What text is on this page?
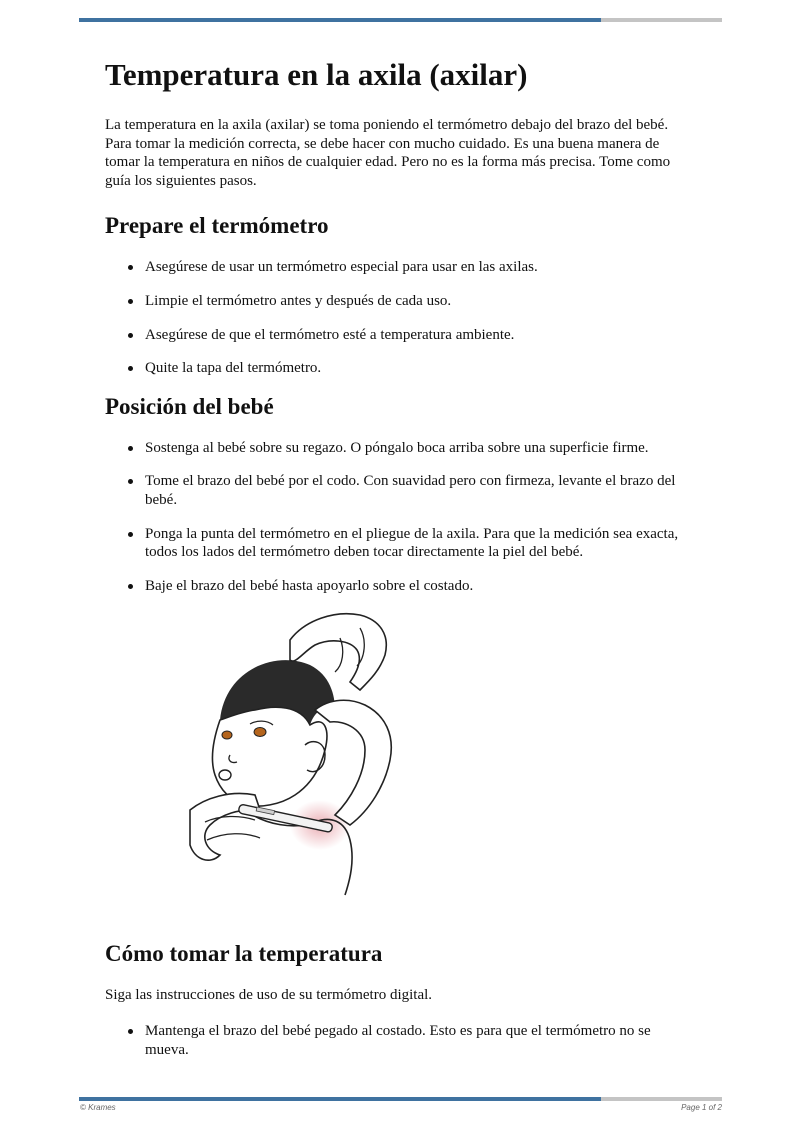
Temperatura en la axila (axilar)

La temperatura en la axila (axilar) se toma poniendo el termómetro debajo del brazo del bebé. Para tomar la medición correcta, se debe hacer con mucho cuidado. Es una buena manera de tomar la temperatura en niños de cualquier edad. Pero no es la forma más precisa. Tome como guía los siguientes pasos.

Prepare el termómetro
Asegúrese de usar un termómetro especial para usar en las axilas.
Limpie el termómetro antes y después de cada uso.
Asegúrese de que el termómetro esté a temperatura ambiente.
Quite la tapa del termómetro.
Posición del bebé
Sostenga al bebé sobre su regazo. O póngalo boca arriba sobre una superficie firme.
Tome el brazo del bebé por el codo. Con suavidad pero con firmeza, levante el brazo del bebé.
Ponga la punta del termómetro en el pliegue de la axila. Para que la medición sea exacta, todos los lados del termómetro deben tocar directamente la piel del bebé.
Baje el brazo del bebé hasta apoyarlo sobre el costado.
Cómo tomar la temperatura

Siga las instrucciones de uso de su termómetro digital.

Mantenga el brazo del bebé pegado al costado. Esto es para que el termómetro no se mueva.
© Krames	Page 1 of 2
